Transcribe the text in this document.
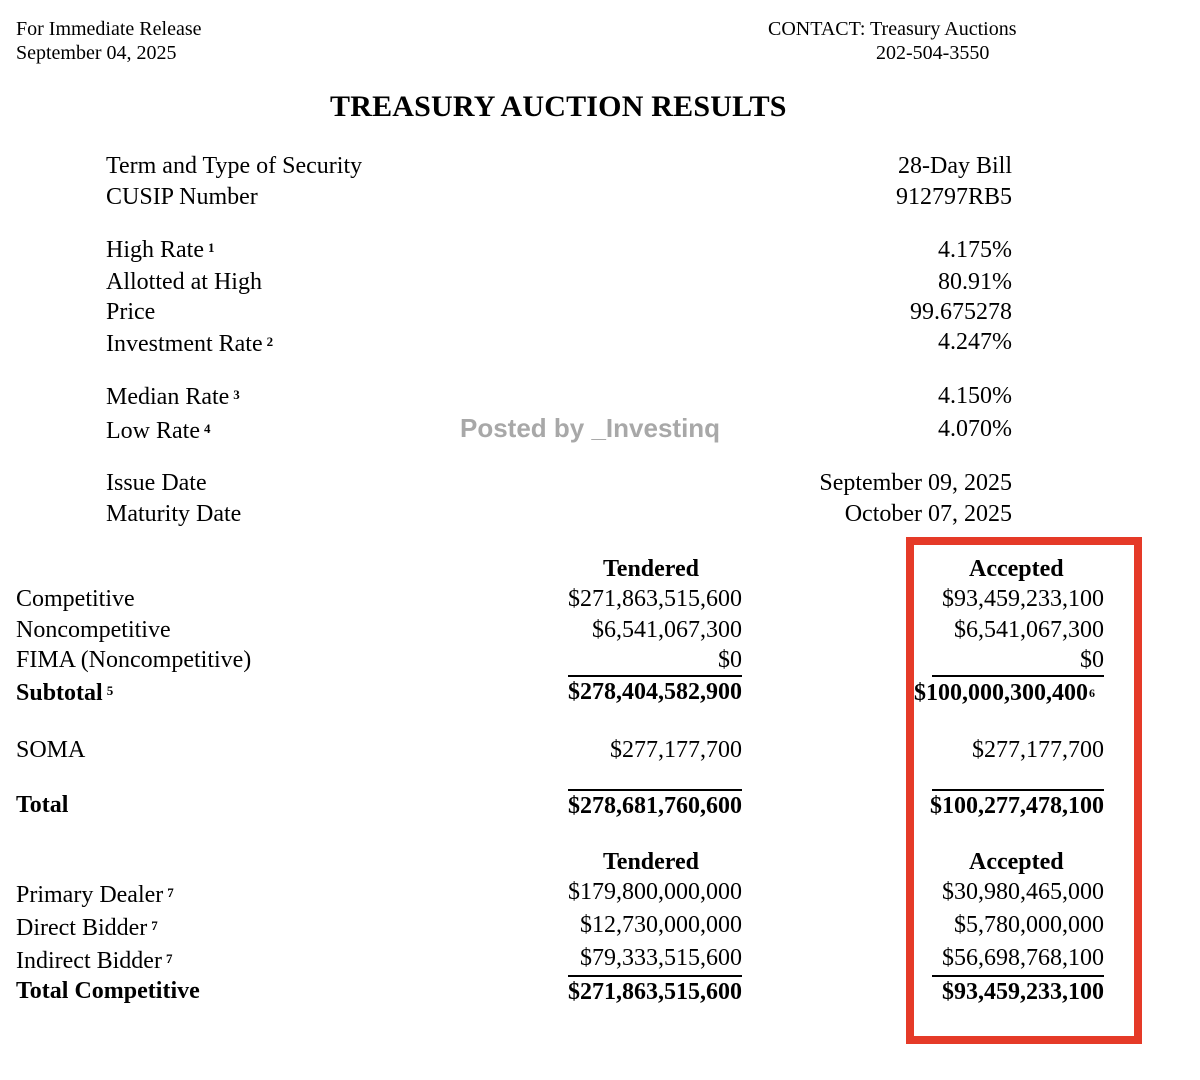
For Immediate Release
September 04, 2025
CONTACT: Treasury Auctions
202-504-3550
TREASURY AUCTION RESULTS
Term and Type of Security	28-Day Bill
CUSIP Number	912797RB5
High Rate $^1$	4.175%
Allotted at High	80.91%
Price	99.675278
Investment Rate $^2$	4.247%
Median Rate $^3$	4.150%
Low Rate $^4$	4.070%
Posted by _Investinq
Issue Date	September 09, 2025
Maturity Date	October 07, 2025
Tendered	Accepted
Competitive	$271,863,515,600	$93,459,233,100
Noncompetitive	$6,541,067,300	$6,541,067,300
FIMA (Noncompetitive)	$0	$0
Subtotal $^5$	$278,404,582,900	$100,000,300,400$^6$
SOMA	$277,177,700	$277,177,700
Total	$278,681,760,600	$100,277,478,100
Tendered	Accepted
Primary Dealer $^7$	$179,800,000,000	$30,980,465,000
Direct Bidder $^7$	$12,730,000,000	$5,780,000,000
Indirect Bidder $^7$	$79,333,515,600	$56,698,768,100
Total Competitive	$271,863,515,600	$93,459,233,100
